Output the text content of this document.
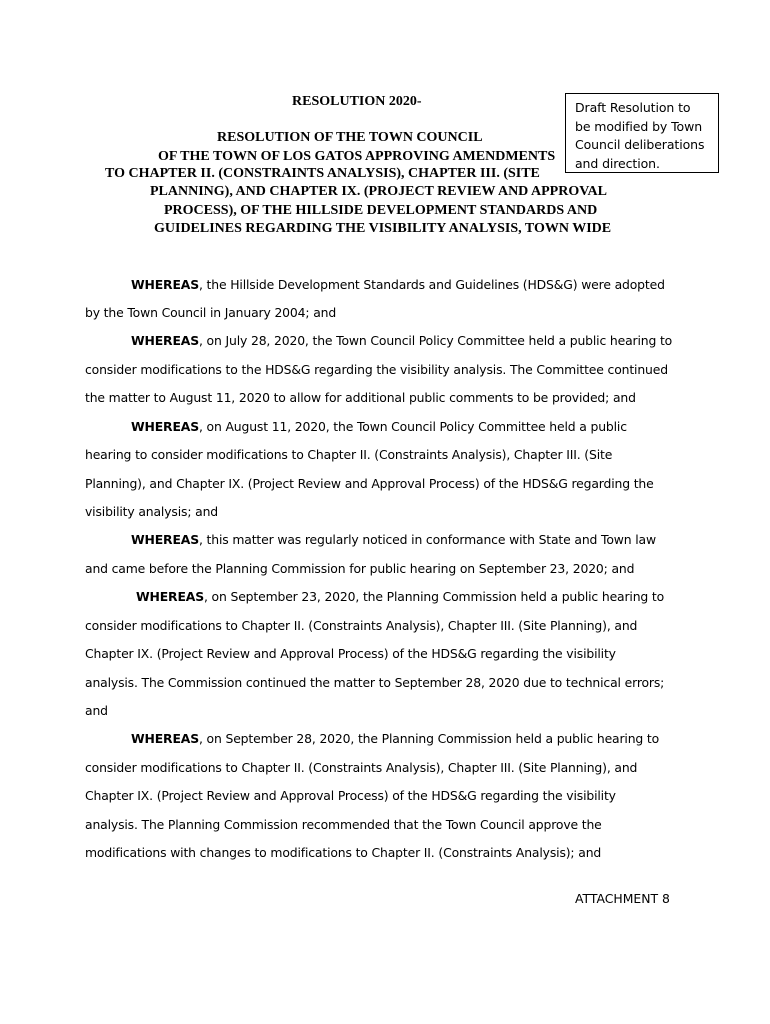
Draft Resolution to
be modified by Town
Council deliberations
and direction.
RESOLUTION 2020-
RESOLUTION OF THE TOWN COUNCIL
OF THE TOWN OF LOS GATOS APPROVING AMENDMENTS
TO CHAPTER II. (CONSTRAINTS ANALYSIS), CHAPTER III. (SITE
PLANNING), AND CHAPTER IX. (PROJECT REVIEW AND APPROVAL
PROCESS), OF THE HILLSIDE DEVELOPMENT STANDARDS AND
GUIDELINES REGARDING THE VISIBILITY ANALYSIS, TOWN WIDE
WHEREAS, the Hillside Development Standards and Guidelines (HDS&G) were adopted
by the Town Council in January 2004; and
WHEREAS, on July 28, 2020, the Town Council Policy Committee held a public hearing to
consider modifications to the HDS&G regarding the visibility analysis. The Committee continued
the matter to August 11, 2020 to allow for additional public comments to be provided; and
WHEREAS, on August 11, 2020, the Town Council Policy Committee held a public
hearing to consider modifications to Chapter II. (Constraints Analysis), Chapter III. (Site
Planning), and Chapter IX. (Project Review and Approval Process) of the HDS&G regarding the
visibility analysis; and
WHEREAS, this matter was regularly noticed in conformance with State and Town law
and came before the Planning Commission for public hearing on September 23, 2020; and
WHEREAS, on September 23, 2020, the Planning Commission held a public hearing to
consider modifications to Chapter II. (Constraints Analysis), Chapter III. (Site Planning), and
Chapter IX. (Project Review and Approval Process) of the HDS&G regarding the visibility
analysis. The Commission continued the matter to September 28, 2020 due to technical errors;
and
WHEREAS, on September 28, 2020, the Planning Commission held a public hearing to
consider modifications to Chapter II. (Constraints Analysis), Chapter III. (Site Planning), and
Chapter IX. (Project Review and Approval Process) of the HDS&G regarding the visibility
analysis. The Planning Commission recommended that the Town Council approve the
modifications with changes to modifications to Chapter II. (Constraints Analysis); and
ATTACHMENT 8
